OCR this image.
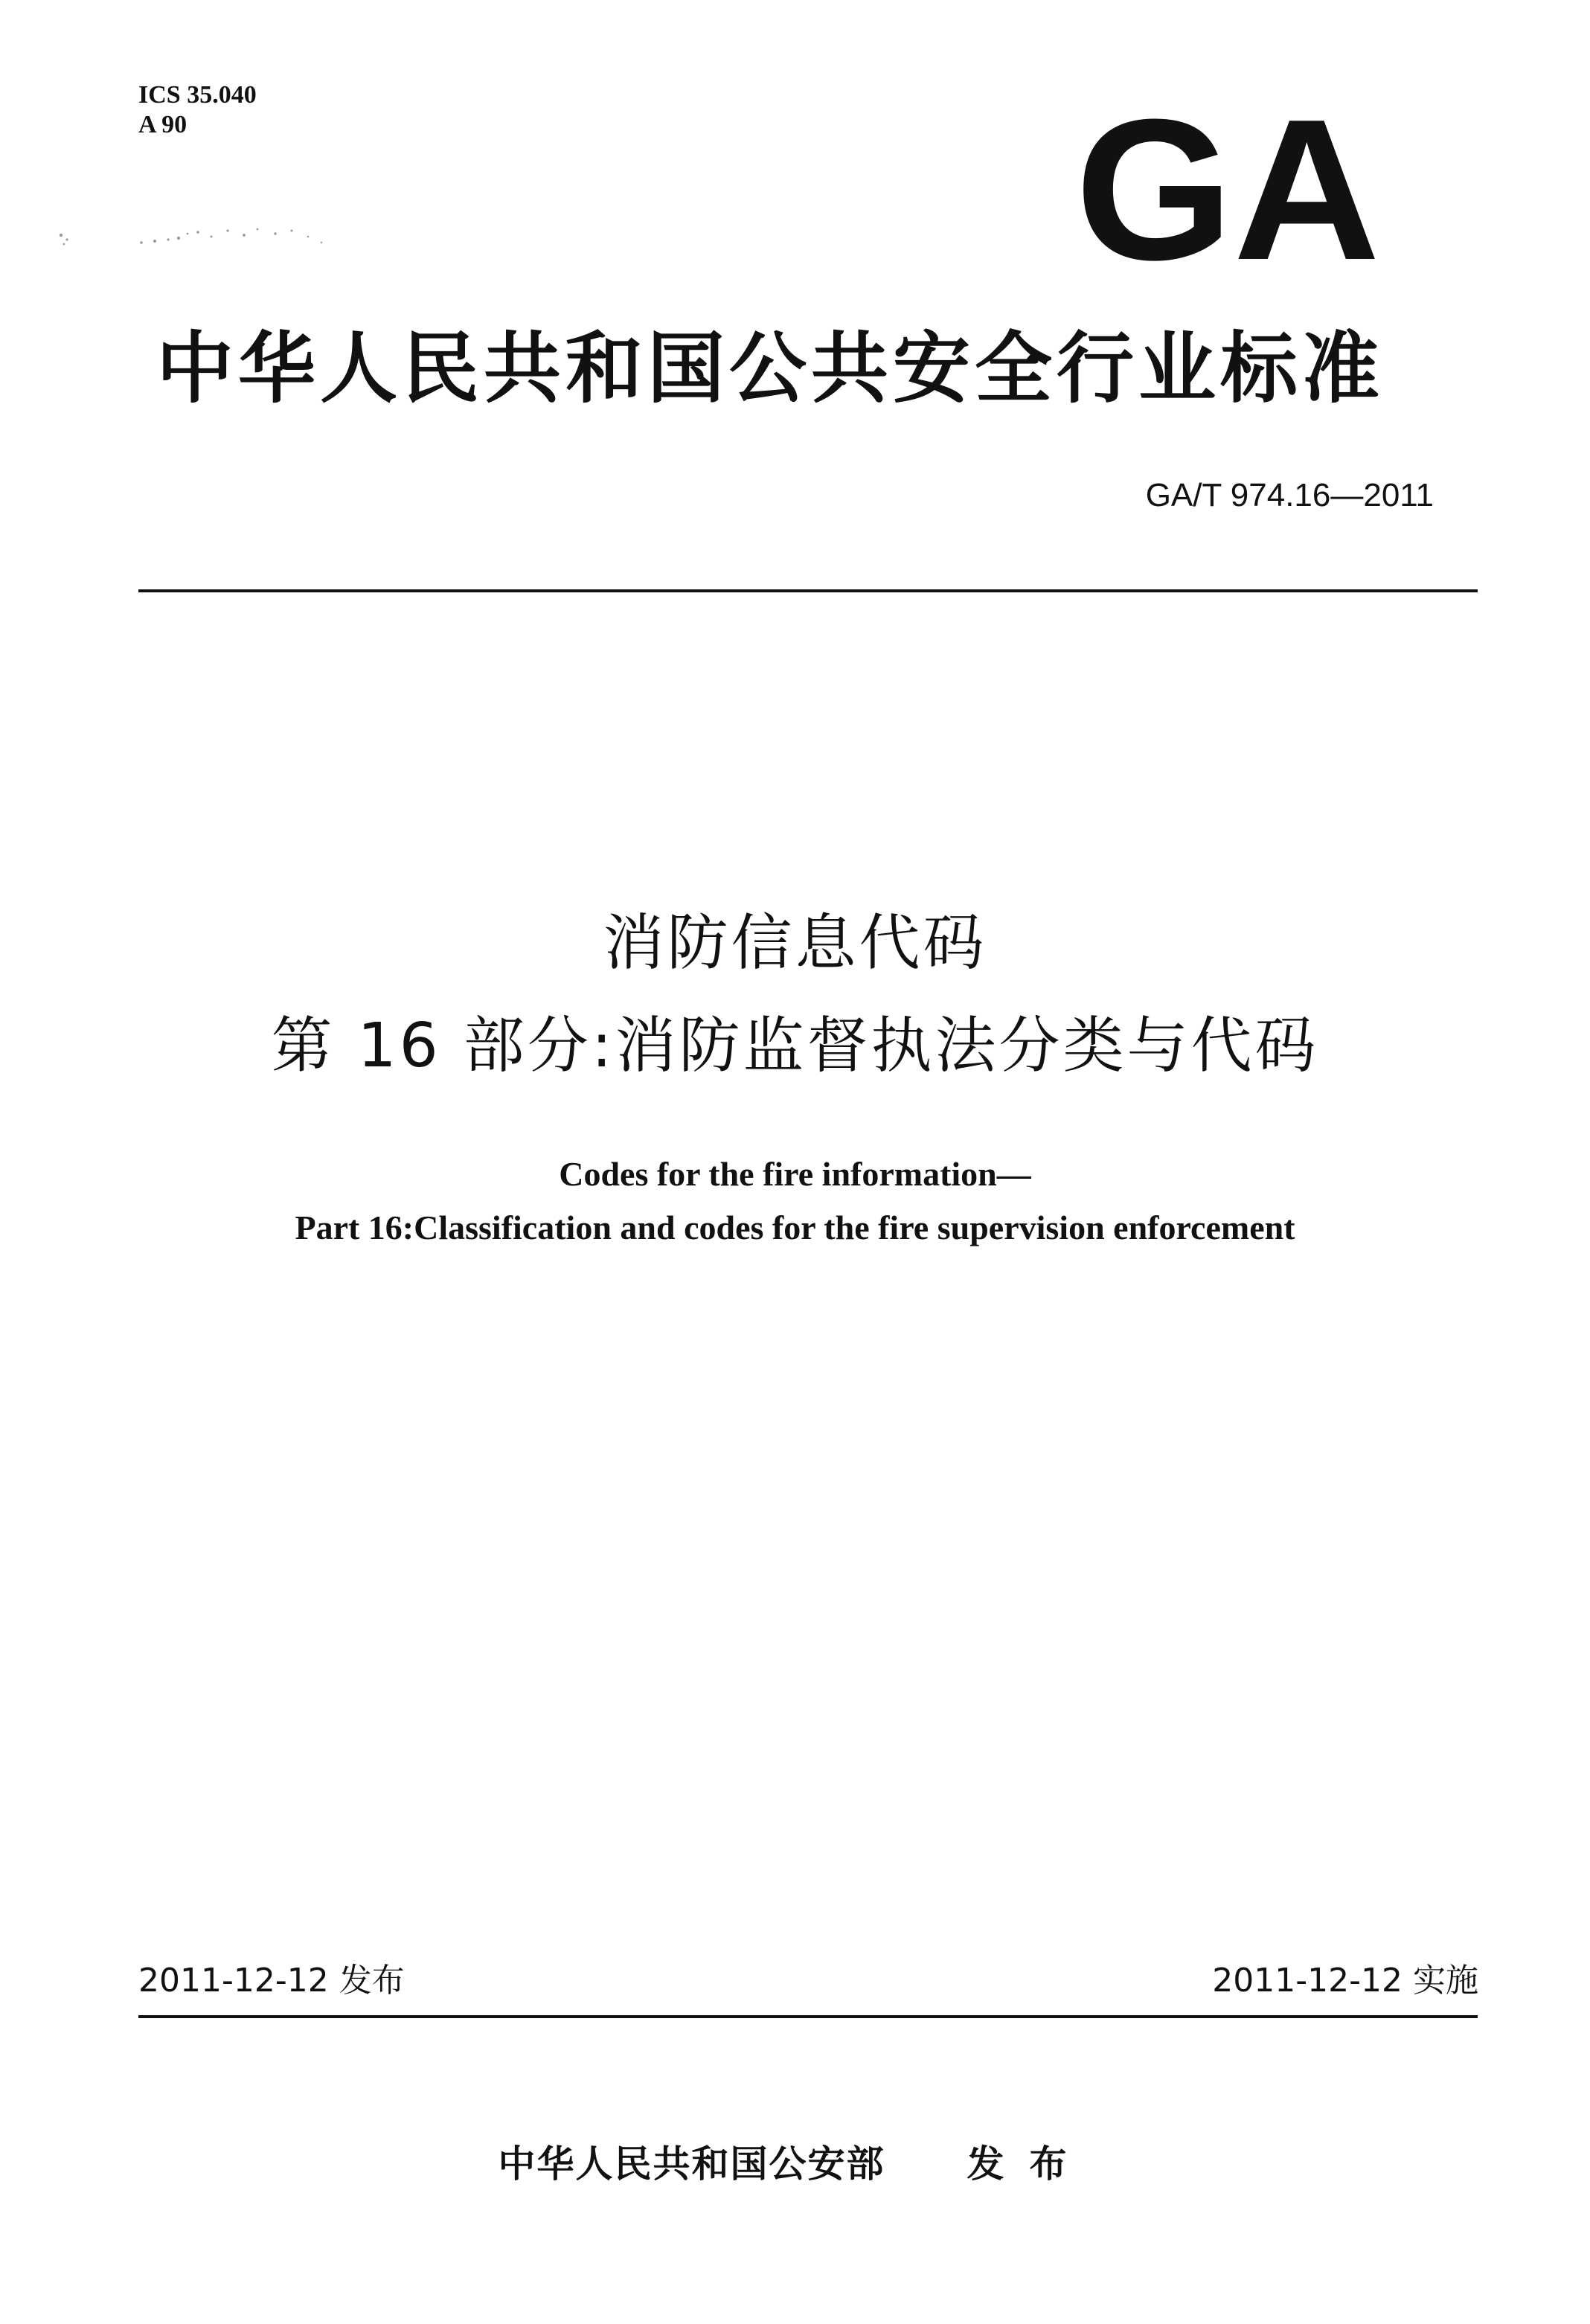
ICS 35.040
A 90	GA
中华人民共和国公共安全行业标准
GA/T 974.16—2011
消防信息代码
第 16 部分:消防监督执法分类与代码
Codes for the fire information—
Part 16:Classification and codes for the fire supervision enforcement
2011-12-12 发布	2011-12-12 实施
中华人民共和国公安部 发布
